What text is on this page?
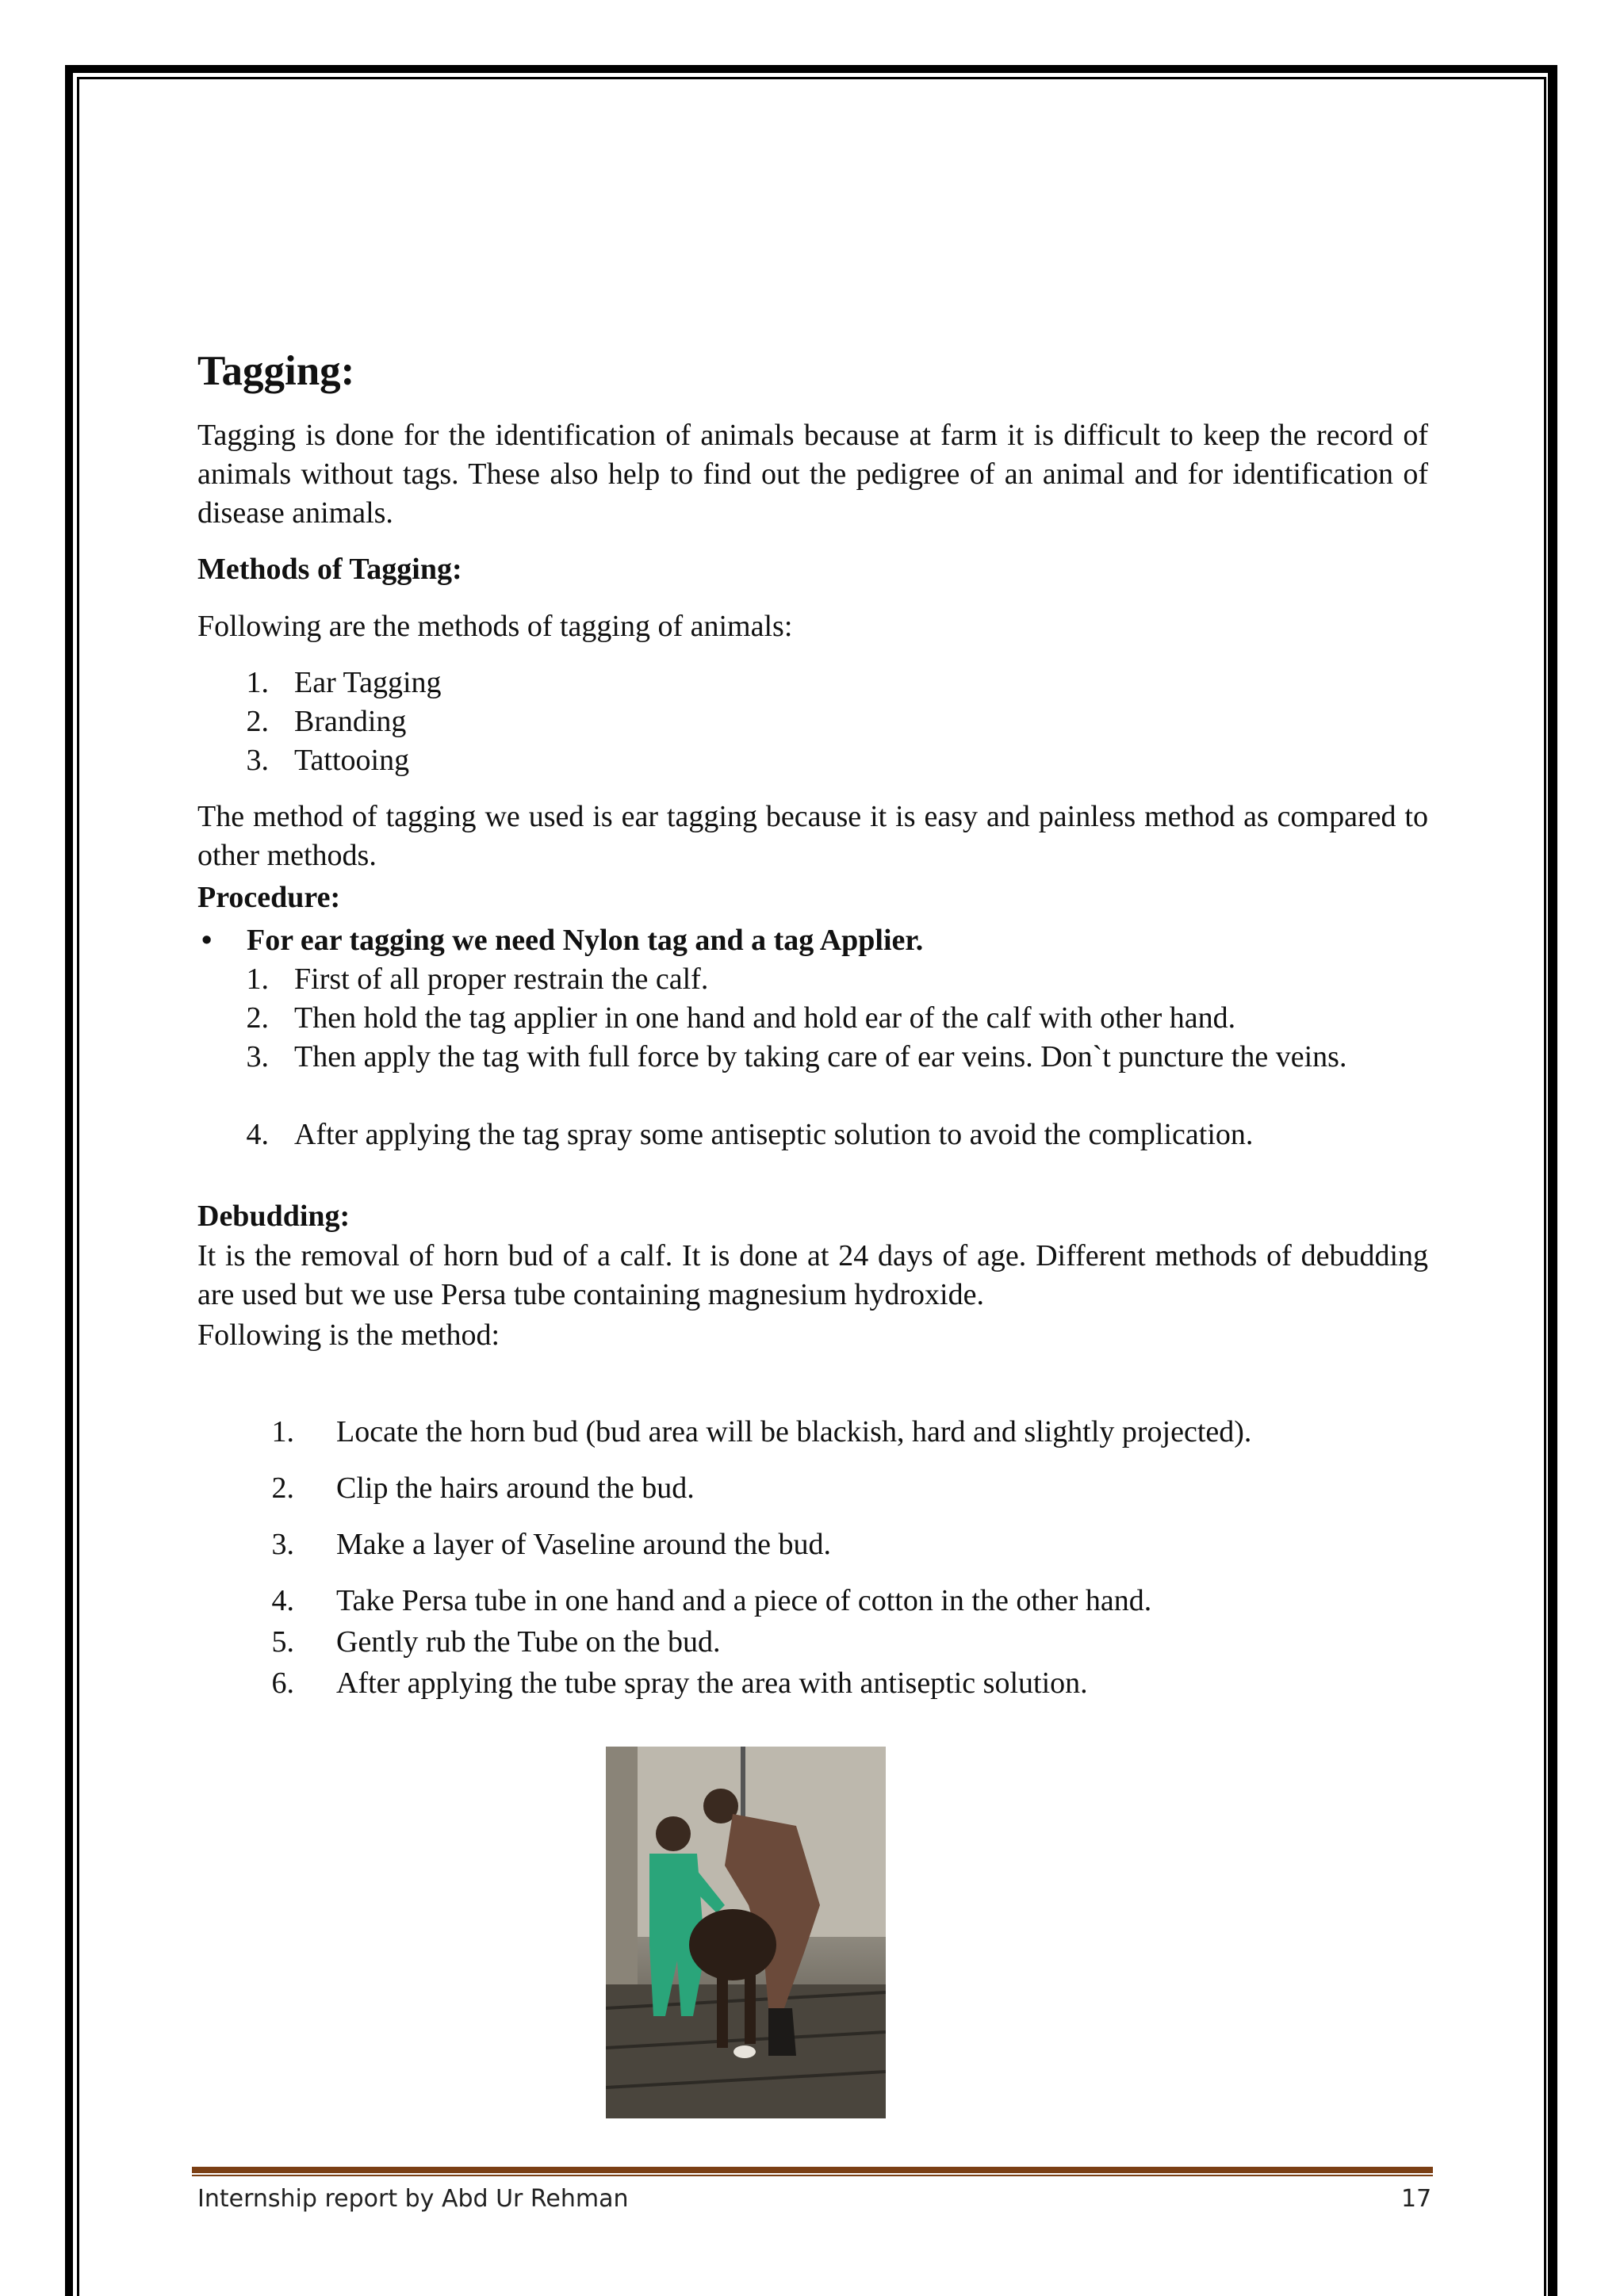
Tagging:

Tagging is done for the identification of animals because at farm it is difficult to keep the record of animals without tags. These also help to find out the pedigree of an animal and for identification of disease animals.

Methods of Tagging:

Following are the methods of tagging of animals:

1. Ear Tagging
2. Branding
3. Tattooing

The method of tagging we used is ear tagging because it is easy and painless method as compared to other methods.

Procedure:

• For ear tagging we need Nylon tag and a tag Applier.
1. First of all proper restrain the calf.
2. Then hold the tag applier in one hand and hold ear of the calf with other hand.
3. Then apply the tag with full force by taking care of ear veins. Don`t puncture the veins.
4. After applying the tag spray some antiseptic solution to avoid the complication.

Debudding:

It is the removal of horn bud of a calf. It is done at 24 days of age. Different methods of debudding are used but we use Persa tube containing magnesium hydroxide.

Following is the method:

1. Locate the horn bud (bud area will be blackish, hard and slightly projected).
2. Clip the hairs around the bud.
3. Make a layer of Vaseline around the bud.
4. Take Persa tube in one hand and a piece of cotton in the other hand.
5. Gently rub the Tube on the bud.
6. After applying the tube spray the area with antiseptic solution.
Internship report by Abd Ur Rehman	17
